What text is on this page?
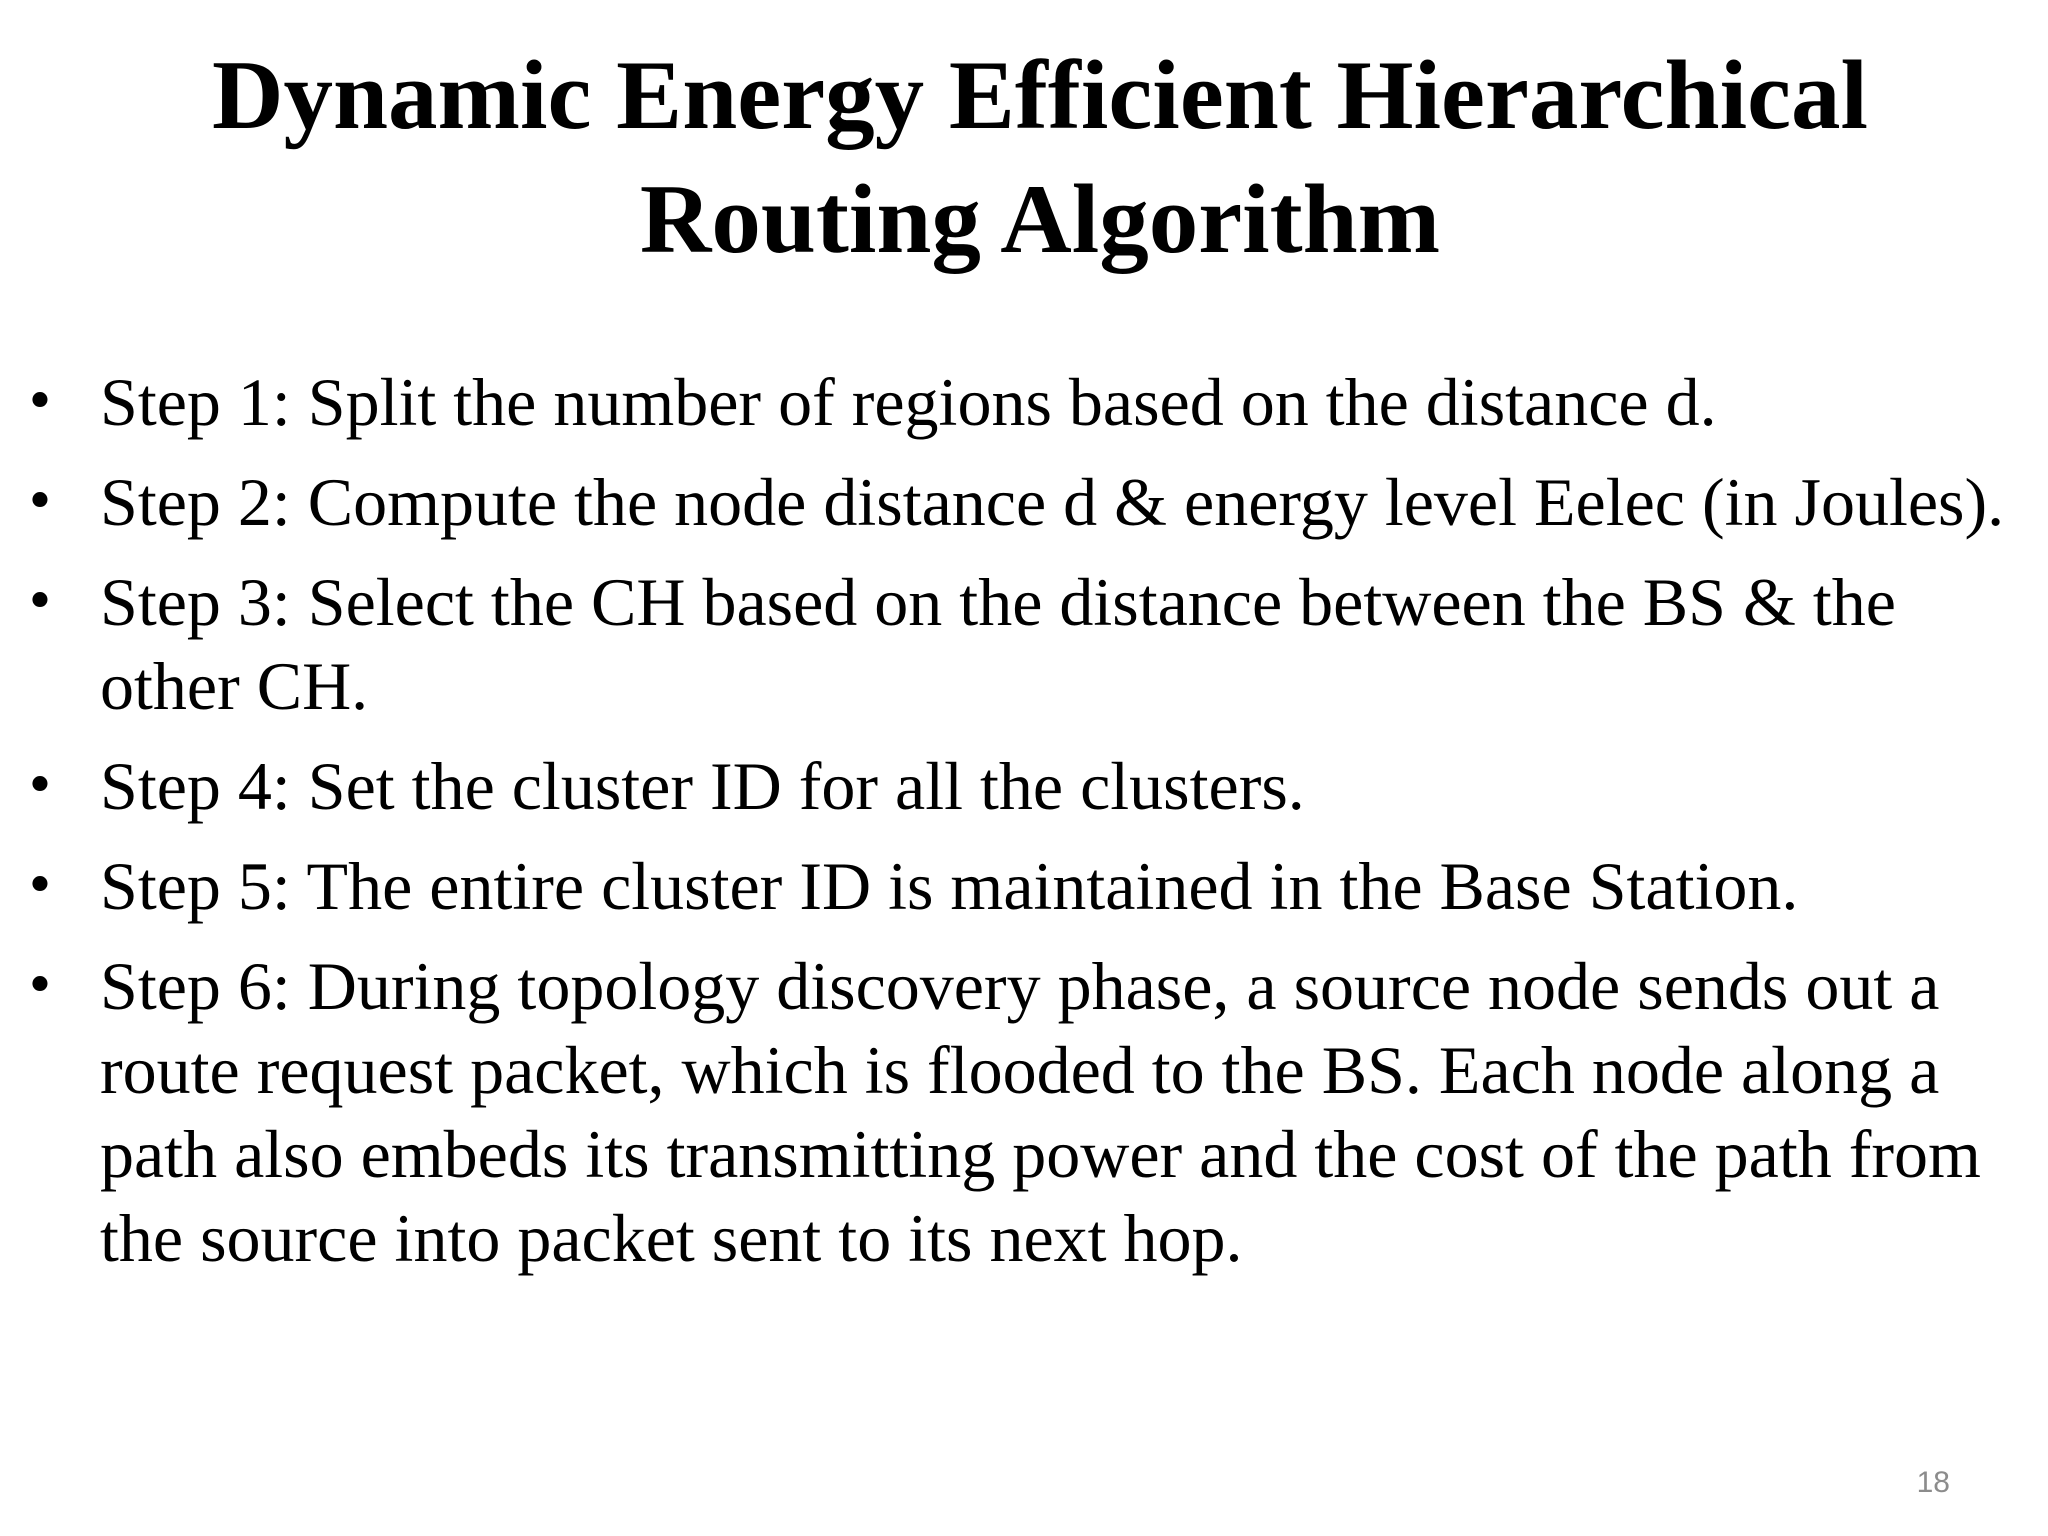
Dynamic Energy Efficient Hierarchical
Routing Algorithm
• Step 1: Split the number of regions based on the distance d.
• Step 2: Compute the node distance d & energy level Eelec (in Joules).
• Step 3: Select the CH based on the distance between the BS & the other CH.
• Step 4: Set the cluster ID for all the clusters.
• Step 5: The entire cluster ID is maintained in the Base Station.
• Step 6: During topology discovery phase, a source node sends out a route request packet, which is flooded to the BS. Each node along a path also embeds its transmitting power and the cost of the path from the source into packet sent to its next hop.
18
